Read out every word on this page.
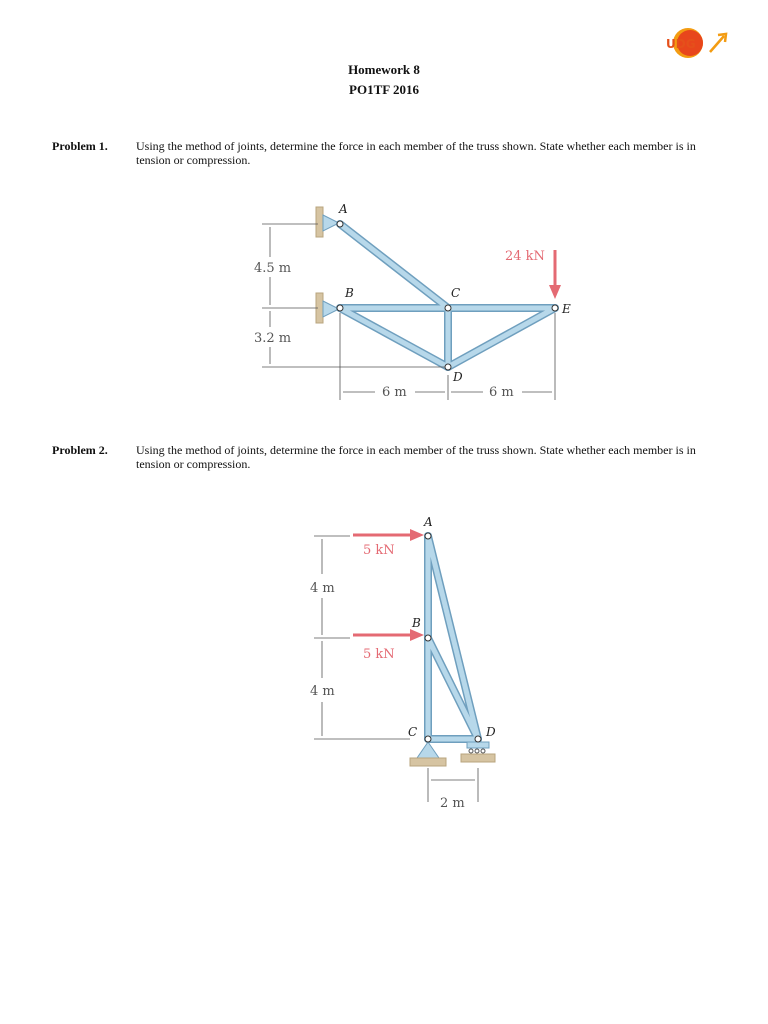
UDG
Homework 8
PO1TF 2016
Problem 1. Using the method of joints, determine the force in each member of the truss shown. State whether each member is in tension or compression.
A
B	C
D
E
24 kN
4.5 m
3.2 m
6 m	6 m
Problem 2. Using the method of joints, determine the force in each member of the truss shown. State whether each member is in tension or compression.
A
B
C	D
5 kN
5 kN
4 m
4 m
2 m
